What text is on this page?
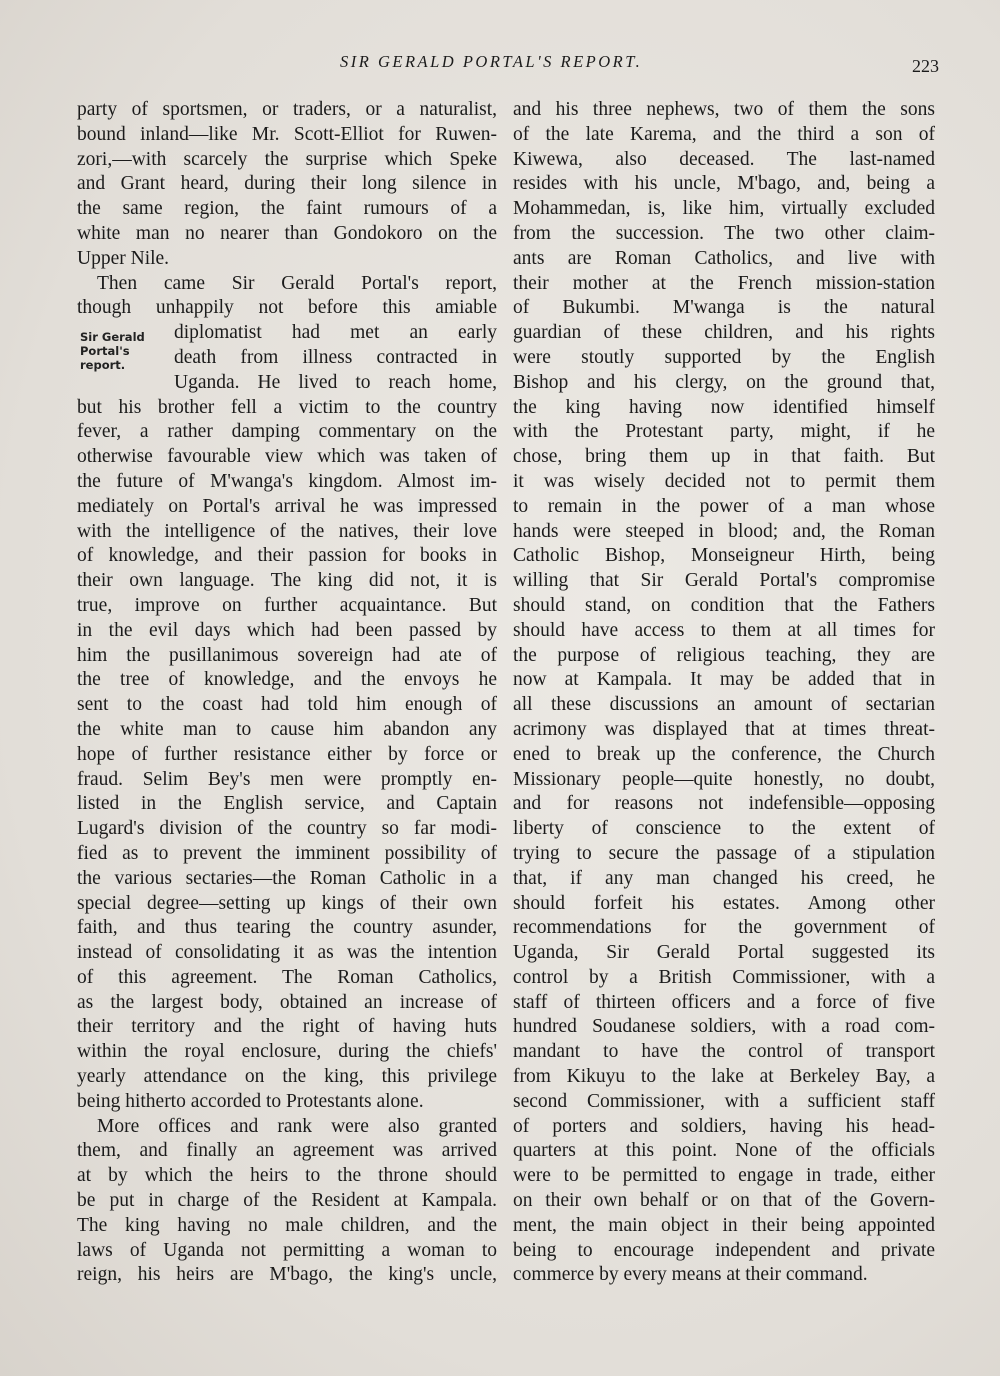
SIR GERALD PORTAL'S REPORT.	223
Sir Gerald
Portal's
report.
party of sportsmen, or traders, or a naturalist,
bound inland—like Mr. Scott-Elliot for Ruwen-
zori,—with scarcely the surprise which Speke
and Grant heard, during their long silence in
the same region, the faint rumours of a
white man no nearer than Gondokoro on the
Upper Nile.
Then came Sir Gerald Portal's report,
though unhappily not before this amiable
diplomatist had met an early
death from illness contracted in
Uganda. He lived to reach home,
but his brother fell a victim to the country
fever, a rather damping commentary on the
otherwise favourable view which was taken of
the future of M'wanga's kingdom. Almost im-
mediately on Portal's arrival he was impressed
with the intelligence of the natives, their love
of knowledge, and their passion for books in
their own language. The king did not, it is
true, improve on further acquaintance. But
in the evil days which had been passed by
him the pusillanimous sovereign had ate of
the tree of knowledge, and the envoys he
sent to the coast had told him enough of
the white man to cause him abandon any
hope of further resistance either by force or
fraud. Selim Bey's men were promptly en-
listed in the English service, and Captain
Lugard's division of the country so far modi-
fied as to prevent the imminent possibility of
the various sectaries—the Roman Catholic in a
special degree—setting up kings of their own
faith, and thus tearing the country asunder,
instead of consolidating it as was the intention
of this agreement. The Roman Catholics,
as the largest body, obtained an increase of
their territory and the right of having huts
within the royal enclosure, during the chiefs'
yearly attendance on the king, this privilege
being hitherto accorded to Protestants alone.
More offices and rank were also granted
them, and finally an agreement was arrived
at by which the heirs to the throne should
be put in charge of the Resident at Kampala.
The king having no male children, and the
laws of Uganda not permitting a woman to
reign, his heirs are M'bago, the king's uncle,
and his three nephews, two of them the sons
of the late Karema, and the third a son of
Kiwewa, also deceased. The last-named
resides with his uncle, M'bago, and, being a
Mohammedan, is, like him, virtually excluded
from the succession. The two other claim-
ants are Roman Catholics, and live with
their mother at the French mission-station
of Bukumbi. M'wanga is the natural
guardian of these children, and his rights
were stoutly supported by the English
Bishop and his clergy, on the ground that,
the king having now identified himself
with the Protestant party, might, if he
chose, bring them up in that faith. But
it was wisely decided not to permit them
to remain in the power of a man whose
hands were steeped in blood; and, the Roman
Catholic Bishop, Monseigneur Hirth, being
willing that Sir Gerald Portal's compromise
should stand, on condition that the Fathers
should have access to them at all times for
the purpose of religious teaching, they are
now at Kampala. It may be added that in
all these discussions an amount of sectarian
acrimony was displayed that at times threat-
ened to break up the conference, the Church
Missionary people—quite honestly, no doubt,
and for reasons not indefensible—opposing
liberty of conscience to the extent of
trying to secure the passage of a stipulation
that, if any man changed his creed, he
should forfeit his estates. Among other
recommendations for the government of
Uganda, Sir Gerald Portal suggested its
control by a British Commissioner, with a
staff of thirteen officers and a force of five
hundred Soudanese soldiers, with a road com-
mandant to have the control of transport
from Kikuyu to the lake at Berkeley Bay, a
second Commissioner, with a sufficient staff
of porters and soldiers, having his head-
quarters at this point. None of the officials
were to be permitted to engage in trade, either
on their own behalf or on that of the Govern-
ment, the main object in their being appointed
being to encourage independent and private
commerce by every means at their command.
